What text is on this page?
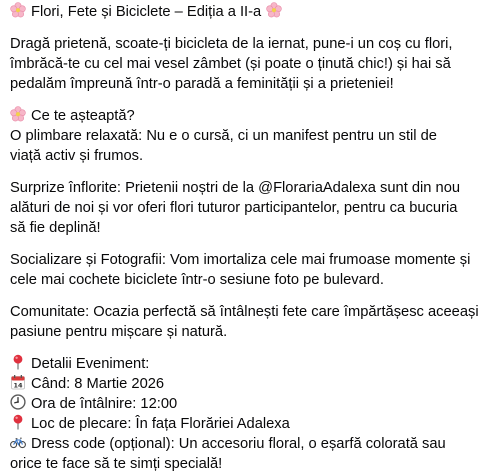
Flori, Fete și Biciclete – Ediția a II-a
Dragă prietenă, scoate-ți bicicleta de la iernat, pune-i un coș cu flori,
îmbrăcă-te cu cel mai vesel zâmbet (și poate o ținută chic!) și hai să
pedalăm împreună într-o paradă a feminității și a prieteniei!
Ce te așteaptă?
O plimbare relaxată: Nu e o cursă, ci un manifest pentru un stil de
viață activ și frumos.
Surprize înflorite: Prietenii noștri de la @FlorariaAdalexa sunt din nou
alături de noi și vor oferi flori tuturor participantelor, pentru ca bucuria
să fie deplină!
Socializare și Fotografii: Vom imortaliza cele mai frumoase momente și
cele mai cochete biciclete într-o sesiune foto pe bulevard.
Comunitate: Ocazia perfectă să întâlnești fete care împărtășesc aceeași
pasiune pentru mișcare și natură.
Detalii Eveniment:
14 Când: 8 Martie 2026
Ora de întâlnire: 12:00
Loc de plecare: În fața Florăriei Adalexa
Dress code (opțional): Un accesoriu floral, o eșarfă colorată sau
orice te face să te simți specială!
